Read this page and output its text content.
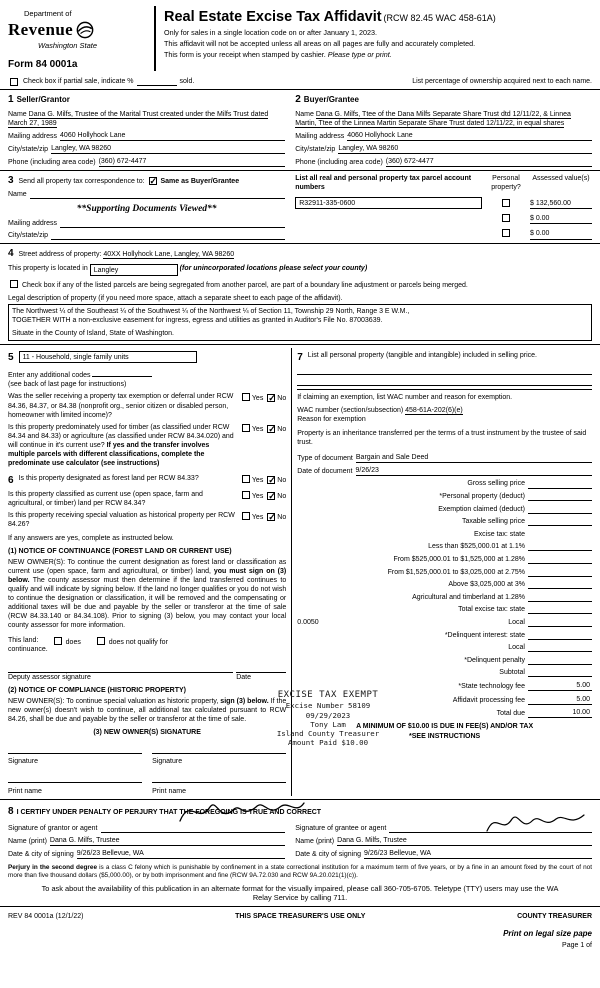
Department of
Revenue
Washington State
Form 84 0001a
Real Estate Excise Tax Affidavit (RCW 82.45 WAC 458-61A)
Only for sales in a single location code on or after January 1, 2023.
This affidavit will not be accepted unless all areas on all pages are fully and accurately completed.
This form is your receipt when stamped by cashier. Please type or print.
Check box if partial sale, indicate %	sold.	List percentage of ownership acquired next to each name.
1 Seller/Grantor
Name Dana G. Milfs, Trustee of the Marital Trust created under the Milfs Trust dated March 27, 1989
Mailing address 4060 Hollyhock Lane
City/state/zip Langley, WA 98260
Phone (including area code) (360) 672-4477
2 Buyer/Grantee
Name Dana G. Milfs, Ttee of the Dana Milfs Separate Share Trust dtd 12/11/22, & Linnea Martin, Ttee of the Linnea Martin Separate Share Trust dated 12/11/22, in equal shares
Mailing address 4060 Hollyhock Lane
City/state/zip Langley, WA 98260
Phone (including area code) (360) 672-4477
3 Send all property tax correspondence to: ✓ Same as Buyer/Grantee
Name
**Supporting Documents Viewed**
Mailing address
City/state/zip
List all real and personal property tax parcel account numbers
Personal property?
Assessed value(s)
R32911-335-0600	$ 132,560.00
$ 0.00
$ 0.00
4 Street address of property: 40XX Hollyhock Lane, Langley, WA 98260
This property is located in Langley	(for unincorporated locations please select your county)
Check box if any of the listed parcels are being segregated from another parcel, are part of a boundary line adjustment or parcels being merged.
Legal description of property (if you need more space, attach a separate sheet to each page of the affidavit).
The Northwest ¼ of the Southeast ¼ of the Southwest ¼ of the Northwest ¼ of Section 11, Township 29 North, Range 3 E W.M.,
TOGETHER WITH a non-exclusive easement for ingress, egress and utilities as granted in Auditor's File No. 87003639.
Situate in the County of Island, State of Washington.
5	11 - Household, single family units
Enter any additional codes
(see back of last page for instructions)
Was the seller receiving a property tax exemption or deferral under RCW 84.36, 84.37, or 84.38 (nonprofit org., senior citizen or disabled person, homeowner with limited income)?
Yes ✓No
Is this property predominately used for timber (as classified under RCW 84.34 and 84.33) or agriculture (as classified under RCW 84.34.020) and will continue in it's current use? If yes and the transfer involves multiple parcels with different classifications, complete the predominate use calculator (see instructions)
Yes ✓No
6 Is this property designated as forest land per RCW 84.33?	Yes ✓No
Is this property classified as current use (open space, farm and agricultural, or timber) land per RCW 84.34?
Yes ✓No
Is this property receiving special valuation as historical property per RCW 84.26?
Yes ✓No
If any answers are yes, complete as instructed below.
(1) NOTICE OF CONTINUANCE (FOREST LAND OR CURRENT USE)
NEW OWNER(S): To continue the current designation as forest land or classification as current use (open space, farm and agricultural, or timber) land, you must sign on (3) below. The county assessor must then determine if the land transferred continues to qualify and will indicate by signing below. If the land no longer qualifies or you do not wish to continue the designation or classification, it will be removed and the compensating or additional taxes will be due and payable by the seller or transferor at the time of sale (RCW 84.33.140 or 84.34.108). Prior to signing (3) below, you may contact your local county assessor for more information.
This land:
continuance.
does	does not qualify for
Deputy assessor signature	Date
(2) NOTICE OF COMPLIANCE (HISTORIC PROPERTY)
NEW OWNER(S): To continue special valuation as historic property, sign (3) below. If the new owner(s) doesn't wish to continue, all additional tax calculated pursuant to RCW 84.26, shall be due and payable by the seller or transferor at the time of sale.
(3) NEW OWNER(S) SIGNATURE
Signature	Signature
Print name	Print name
7 List all personal property (tangible and intangible) included in selling price.
If claiming an exemption, list WAC number and reason for exemption.
WAC number (section/subsection) 458-61A-202(6)(e)
Reason for exemption
Property is an inheritance transferred per the terms of a trust instrument by the trustee of said trust.
Type of document Bargain and Sale Deed
Date of document 9/26/23
Gross selling price
*Personal property (deduct)
Exemption claimed (deduct)
Taxable selling price
Excise tax: state
Less than $525,000.01 at 1.1%
From $525,000.01 to $1,525,000 at 1.28%
From $1,525,000.01 to $3,025,000 at 2.75%
Above $3,025,000 at 3%
Agricultural and timberland at 1.28%
Total excise tax: state
0.0050	Local
*Delinquent interest: state
Local
*Delinquent penalty
Subtotal
*State technology fee	5.00
Affidavit processing fee	5.00
Total due	10.00
A MINIMUM OF $10.00 IS DUE IN FEE(S) AND/OR TAX
*SEE INSTRUCTIONS
EXCISE TAX EXEMPT
Excise Number 58109
09/29/2023
Tony Lam
Island County Treasurer
Amount Paid $10.00
8 I CERTIFY UNDER PENALTY OF PERJURY THAT THE FOREGOING IS TRUE AND CORRECT
Signature of grantor or agent
Name (print) Dana G. Milfs, Trustee
Date & city of signing 9/26/23 Bellevue, WA
Signature of grantee or agent
Name (print) Dana G. Milfs, Trustee
Date & city of signing 9/26/23 Bellevue, WA
Perjury in the second degree is a class C felony which is punishable by confinement in a state correctional institution for a maximum term of five years, or by a fine in an amount fixed by the court of not more than five thousand dollars ($5,000.00), or by both imprisonment and fine (RCW 9A.72.030 and RCW 9A.20.021(1)(c)).
To ask about the availability of this publication in an alternate format for the visually impaired, please call 360-705-6705. Teletype (TTY) users may use the WA Relay Service by calling 711.
REV 84 0001a (12/1/22)	THIS SPACE TREASURER'S USE ONLY	COUNTY TREASURER
Print on legal size pape
Page 1 of
